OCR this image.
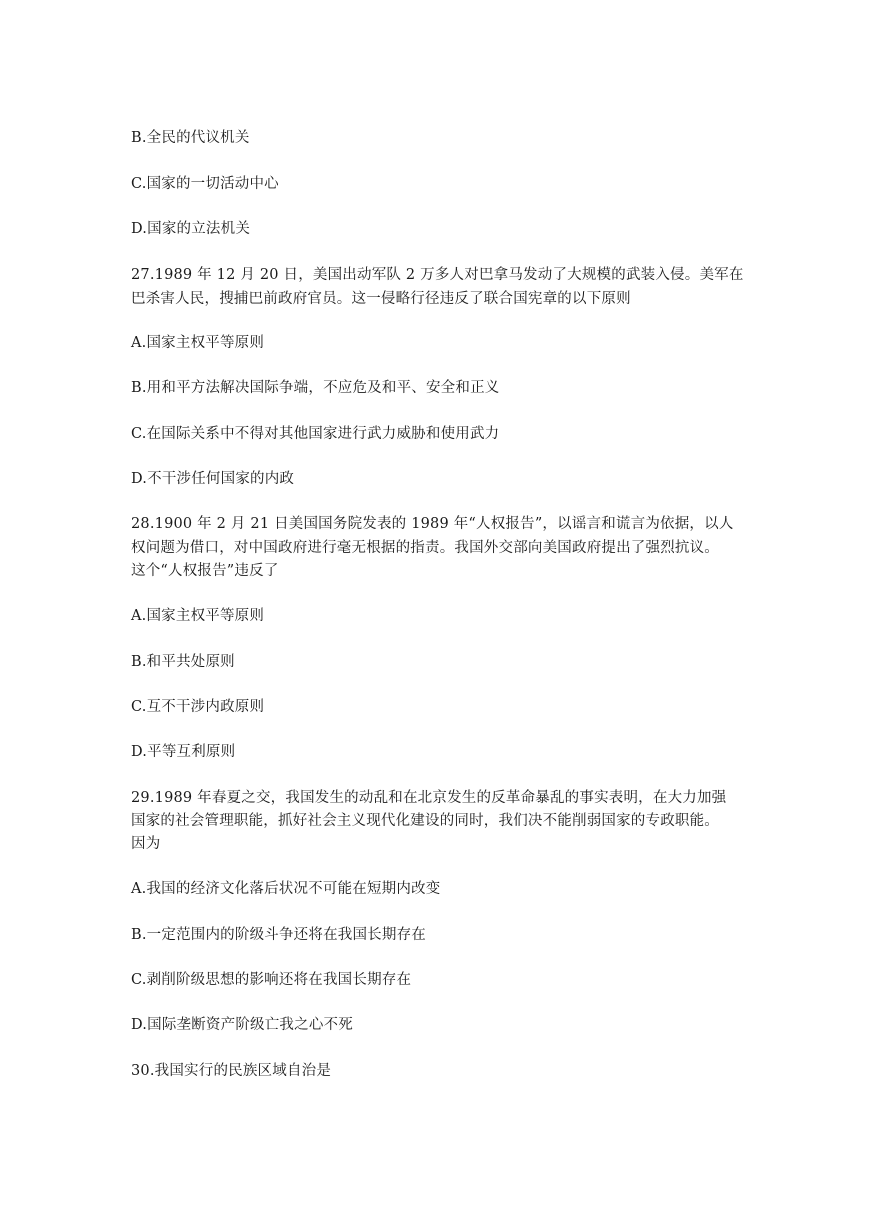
B.全民的代议机关
C.国家的一切活动中心
D.国家的立法机关
27.1989 年 12 月 20 日，美国出动军队 2 万多人对巴拿马发动了大规模的武装入侵。美军在
巴杀害人民，搜捕巴前政府官员。这一侵略行径违反了联合国宪章的以下原则
A.国家主权平等原则
B.用和平方法解决国际争端，不应危及和平、安全和正义
C.在国际关系中不得对其他国家进行武力威胁和使用武力
D.不干涉任何国家的内政
28.1900 年 2 月 21 日美国国务院发表的 1989 年“人权报告”，以谣言和谎言为依据，以人
权问题为借口，对中国政府进行毫无根据的指责。我国外交部向美国政府提出了强烈抗议。
这个“人权报告”违反了
A.国家主权平等原则
B.和平共处原则
C.互不干涉内政原则
D.平等互利原则
29.1989 年春夏之交，我国发生的动乱和在北京发生的反革命暴乱的事实表明，在大力加强
国家的社会管理职能，抓好社会主义现代化建设的同时，我们决不能削弱国家的专政职能。
因为
A.我国的经济文化落后状况不可能在短期内改变
B.一定范围内的阶级斗争还将在我国长期存在
C.剥削阶级思想的影响还将在我国长期存在
D.国际垄断资产阶级亡我之心不死
30.我国实行的民族区域自治是
